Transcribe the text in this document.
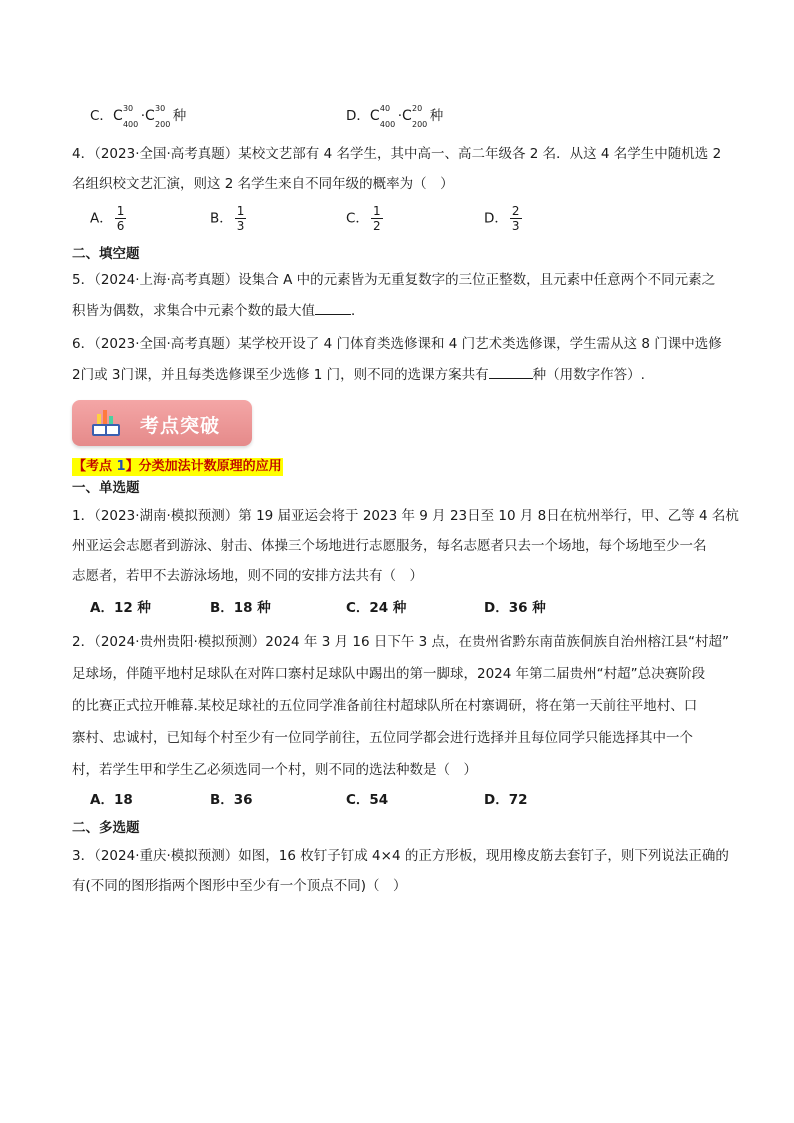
C．C 30
400
·C 30
200
种	D．C 40
400
·C 20
200
种
4．（2023·全国·高考真题）某校文艺部有 4 名学生，其中高一、高二年级各 2 名．从这 4 名学生中随机选 2
名组织校文艺汇演，则这 2 名学生来自不同年级的概率为（　）
A． $\frac{1}{6}$	B． $\frac{1}{3}$	C． $\frac{1}{2}$	D． $\frac{2}{3}$
二、填空题
5．（2024·上海·高考真题）设集合 A 中的元素皆为无重复数字的三位正整数，且元素中任意两个不同元素之
积皆为偶数，求集合中元素个数的最大值	．
6．（2023·全国·高考真题）某学校开设了 4 门体育类选修课和 4 门艺术类选修课，学生需从这 8 门课中选修
2门或 3门课，并且每类选修课至少选修 1 门，则不同的选课方案共有	种（用数字作答）.
考点突破
【考点 1】分类加法计数原理的应用
一、单选题
1．（2023·湖南·模拟预测）第 19 届亚运会将于 2023 年 9 月 23日至 10 月 8日在杭州举行，甲、乙等 4 名杭
州亚运会志愿者到游泳、射击、体操三个场地进行志愿服务，每名志愿者只去一个场地，每个场地至少一名
志愿者，若甲不去游泳场地，则不同的安排方法共有（　）
A．12 种	B．18 种	C．24 种	D．36 种
2．（2024·贵州贵阳·模拟预测）2024 年 3 月 16 日下午 3 点，在贵州省黔东南苗族侗族自治州榕江县“村超”
足球场，伴随平地村足球队在对阵口寨村足球队中踢出的第一脚球，2024 年第二届贵州“村超”总决赛阶段
的比赛正式拉开帷幕.某校足球社的五位同学准备前往村超球队所在村寨调研，将在第一天前往平地村、口
寨村、忠诚村，已知每个村至少有一位同学前往，五位同学都会进行选择并且每位同学只能选择其中一个
村，若学生甲和学生乙必须选同一个村，则不同的选法种数是（　）
A．18	B．36	C．54	D．72
二、多选题
3．（2024·重庆·模拟预测）如图，16 枚钉子钉成 4×4 的正方形板，现用橡皮筋去套钉子，则下列说法正确的
有(不同的图形指两个图形中至少有一个顶点不同)（　）
